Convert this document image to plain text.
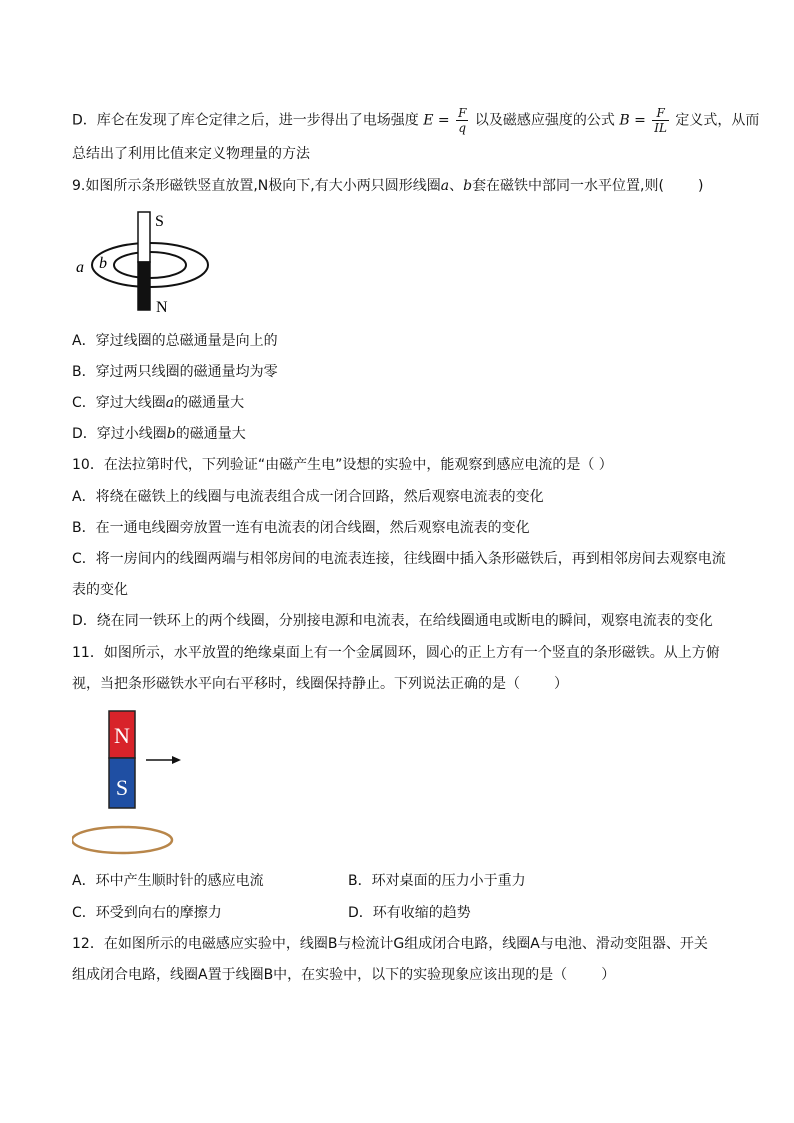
D．库仑在发现了库仑定律之后，进一步得出了电场强度 $E = \frac{F}{q}$ 以及磁感应强度的公式 $B = \frac{F}{IL}$ 定义式，从而
总结出了利用比值来定义物理量的方法
9.如图所示条形磁铁竖直放置,N极向下,有大小两只圆形线圈a、b套在磁铁中部同一水平位置,则( )
S
N
a b
A．穿过线圈的总磁通量是向上的
B．穿过两只线圈的磁通量均为零
C．穿过大线圈a的磁通量大
D．穿过小线圈b的磁通量大
10．在法拉第时代，下列验证“由磁产生电”设想的实验中，能观察到感应电流的是（ ）
A．将绕在磁铁上的线圈与电流表组合成一闭合回路，然后观察电流表的变化
B．在一通电线圈旁放置一连有电流表的闭合线圈，然后观察电流表的变化
C．将一房间内的线圈两端与相邻房间的电流表连接，往线圈中插入条形磁铁后，再到相邻房间去观察电流
表的变化
D．绕在同一铁环上的两个线圈，分别接电源和电流表，在给线圈通电或断电的瞬间，观察电流表的变化
11．如图所示，水平放置的绝缘桌面上有一个金属圆环，圆心的正上方有一个竖直的条形磁铁。从上方俯
视，当把条形磁铁水平向右平移时，线圈保持静止。下列说法正确的是（ ）
N
S
A．环中产生顺时针的感应电流	B．环对桌面的压力小于重力
C．环受到向右的摩擦力	D．环有收缩的趋势
12．在如图所示的电磁感应实验中，线圈B与检流计G组成闭合电路，线圈A与电池、滑动变阻器、开关
组成闭合电路，线圈A置于线圈B中，在实验中，以下的实验现象应该出现的是（ ）
